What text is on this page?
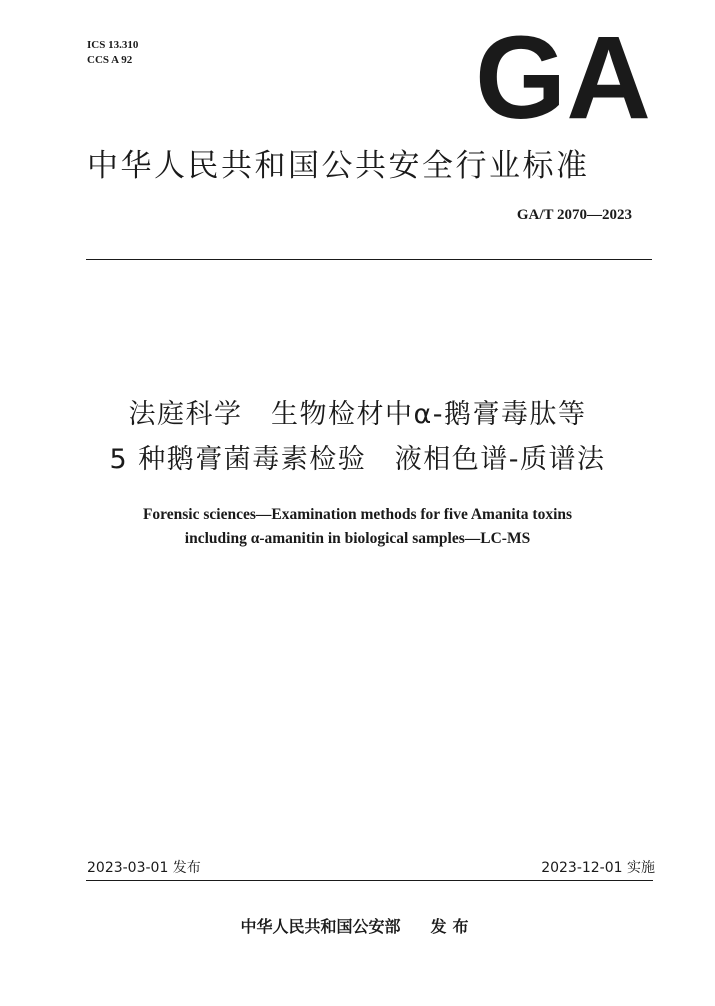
ICS 13.310
CCS A 92	GA
中华人民共和国公共安全行业标准
GA/T 2070—2023
法庭科学　生物检材中α-鹅膏毒肽等
5 种鹅膏菌毒素检验　液相色谱-质谱法
Forensic sciences—Examination methods for five Amanita toxins
including α-amanitin in biological samples—LC-MS
2023-03-01 发布	2023-12-01 实施
中华人民共和国公安部 发布
